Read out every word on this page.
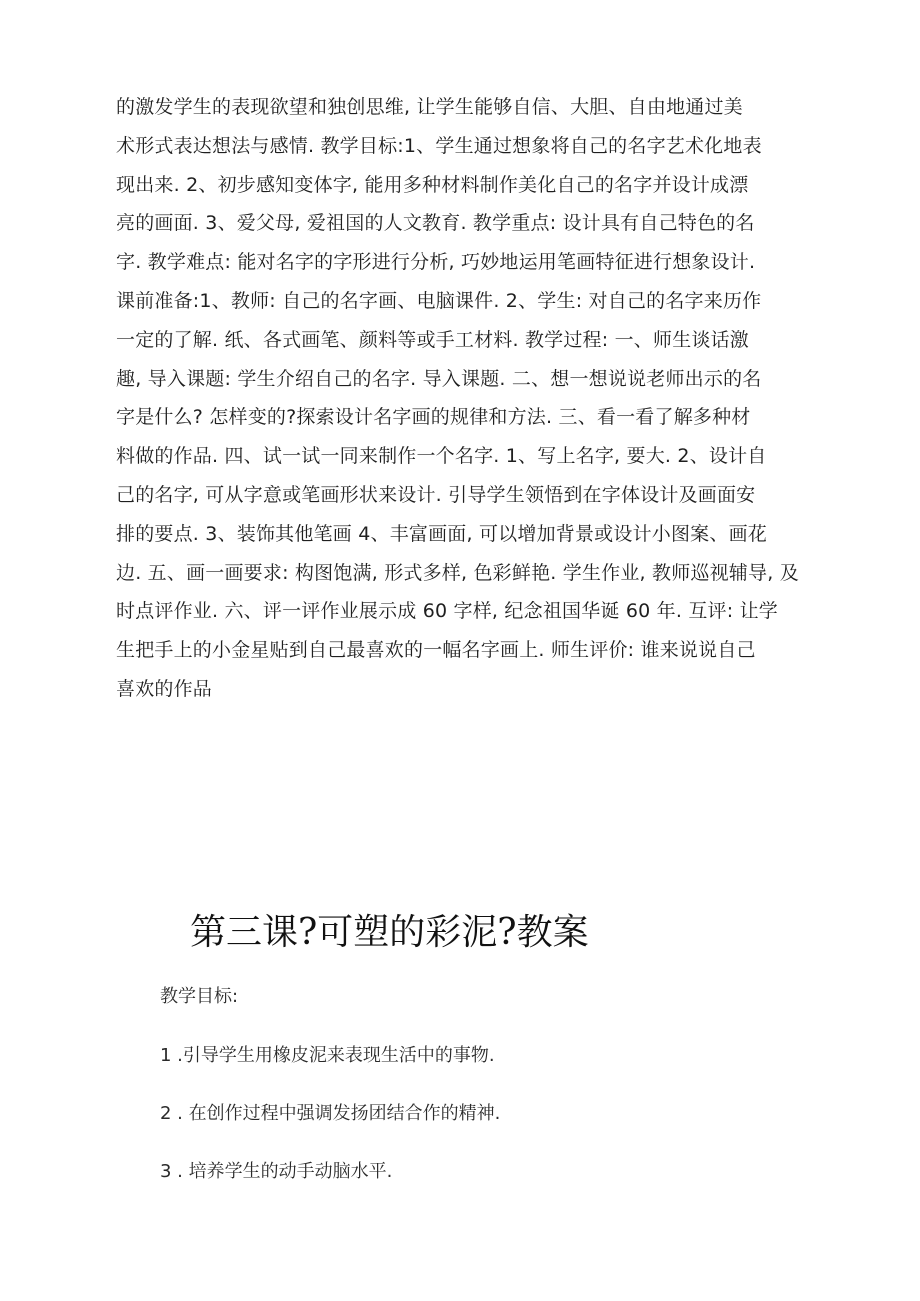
的激发学生的表现欲望和独创思维, 让学生能够自信、大胆、自由地通过美
术形式表达想法与感情. 教学目标:1、学生通过想象将自己的名字艺术化地表
现出来. 2、初步感知变体字, 能用多种材料制作美化自己的名字并设计成漂
亮的画面. 3、爱父母, 爱祖国的人文教育. 教学重点: 设计具有自己特色的名
字. 教学难点: 能对名字的字形进行分析, 巧妙地运用笔画特征进行想象设计.
课前准备:1、教师: 自己的名字画、电脑课件. 2、学生: 对自己的名字来历作
一定的了解. 纸、各式画笔、颜料等或手工材料. 教学过程: 一、师生谈话激
趣, 导入课题: 学生介绍自己的名字. 导入课题. 二、想一想说说老师出示的名
字是什么? 怎样变的?探索设计名字画的规律和方法. 三、看一看了解多种材
料做的作品. 四、试一试一同来制作一个名字. 1、写上名字, 要大. 2、设计自
己的名字, 可从字意或笔画形状来设计. 引导学生领悟到在字体设计及画面安
排的要点. 3、装饰其他笔画 4、丰富画面, 可以增加背景或设计小图案、画花
边. 五、画一画要求: 构图饱满, 形式多样, 色彩鲜艳. 学生作业, 教师巡视辅导, 及
时点评作业. 六、评一评作业展示成 60 字样, 纪念祖国华诞 60 年. 互评: 让学
生把手上的小金星贴到自己最喜欢的一幅名字画上. 师生评价: 谁来说说自己
喜欢的作品
第三课?可塑的彩泥?教案
教学目标:
1 .引导学生用橡皮泥来表现生活中的事物.
2 . 在创作过程中强调发扬团结合作的精神.
3 . 培养学生的动手动脑水平.
